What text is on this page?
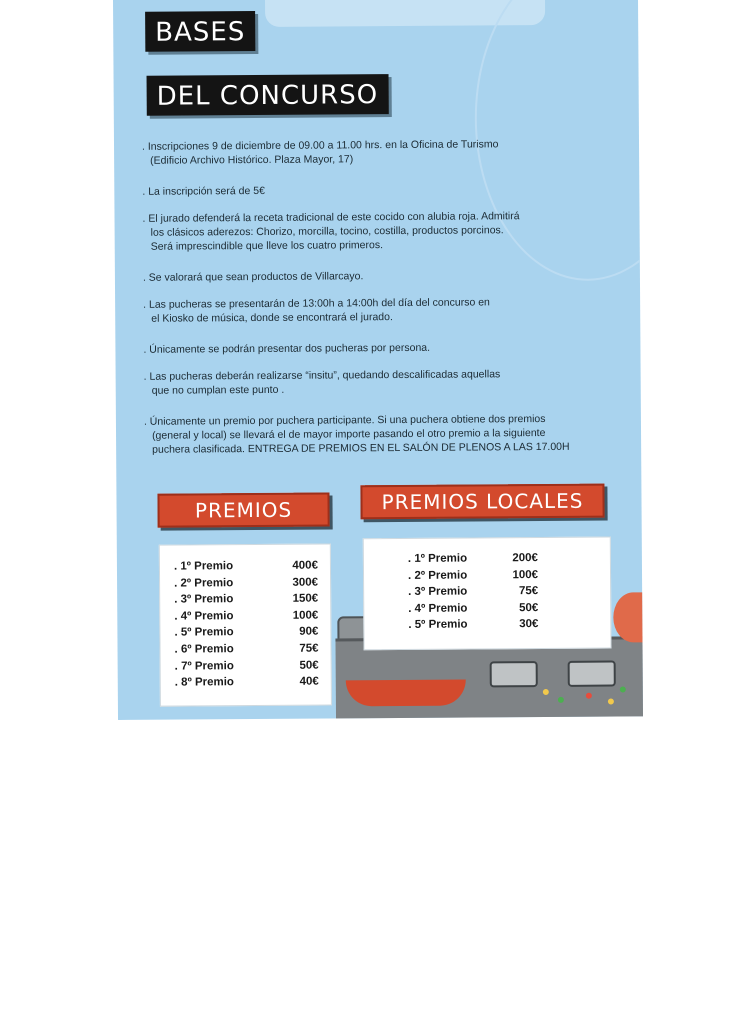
BASES
DEL CONCURSO
. Inscripciones 9 de diciembre de 09.00 a 11.00 hrs. en la Oficina de Turismo
(Edificio Archivo Histórico. Plaza Mayor, 17)
. La inscripción será de 5€
. El jurado defenderá la receta tradicional de este cocido con alubia roja. Admitirá
los clásicos aderezos: Chorizo, morcilla, tocino, costilla, productos porcinos.
Será imprescindible que lleve los cuatro primeros.
. Se valorará que sean productos de Villarcayo.
. Las pucheras se presentarán de 13:00h a 14:00h del día del concurso en
el Kiosko de música, donde se encontrará el jurado.
. Únicamente se podrán presentar dos pucheras por persona.
. Las pucheras deberán realizarse “insitu”, quedando descalificadas aquellas
que no cumplan este punto .
. Únicamente un premio por puchera participante. Si una puchera obtiene dos premios
(general y local) se llevará el de mayor importe pasando el otro premio a la siguiente
puchera clasificada. ENTREGA DE PREMIOS EN EL SALÓN DE PLENOS A LAS 17.00H
PREMIOS	PREMIOS LOCALES
. 1º Premio	400€
. 2º Premio	300€
. 3º Premio	150€
. 4º Premio	100€
. 5º Premio	90€
. 6º Premio	75€
. 7º Premio	50€
. 8º Premio	40€
. 1º Premio	200€
. 2º Premio	100€
. 3º Premio	75€
. 4º Premio	50€
. 5º Premio	30€
